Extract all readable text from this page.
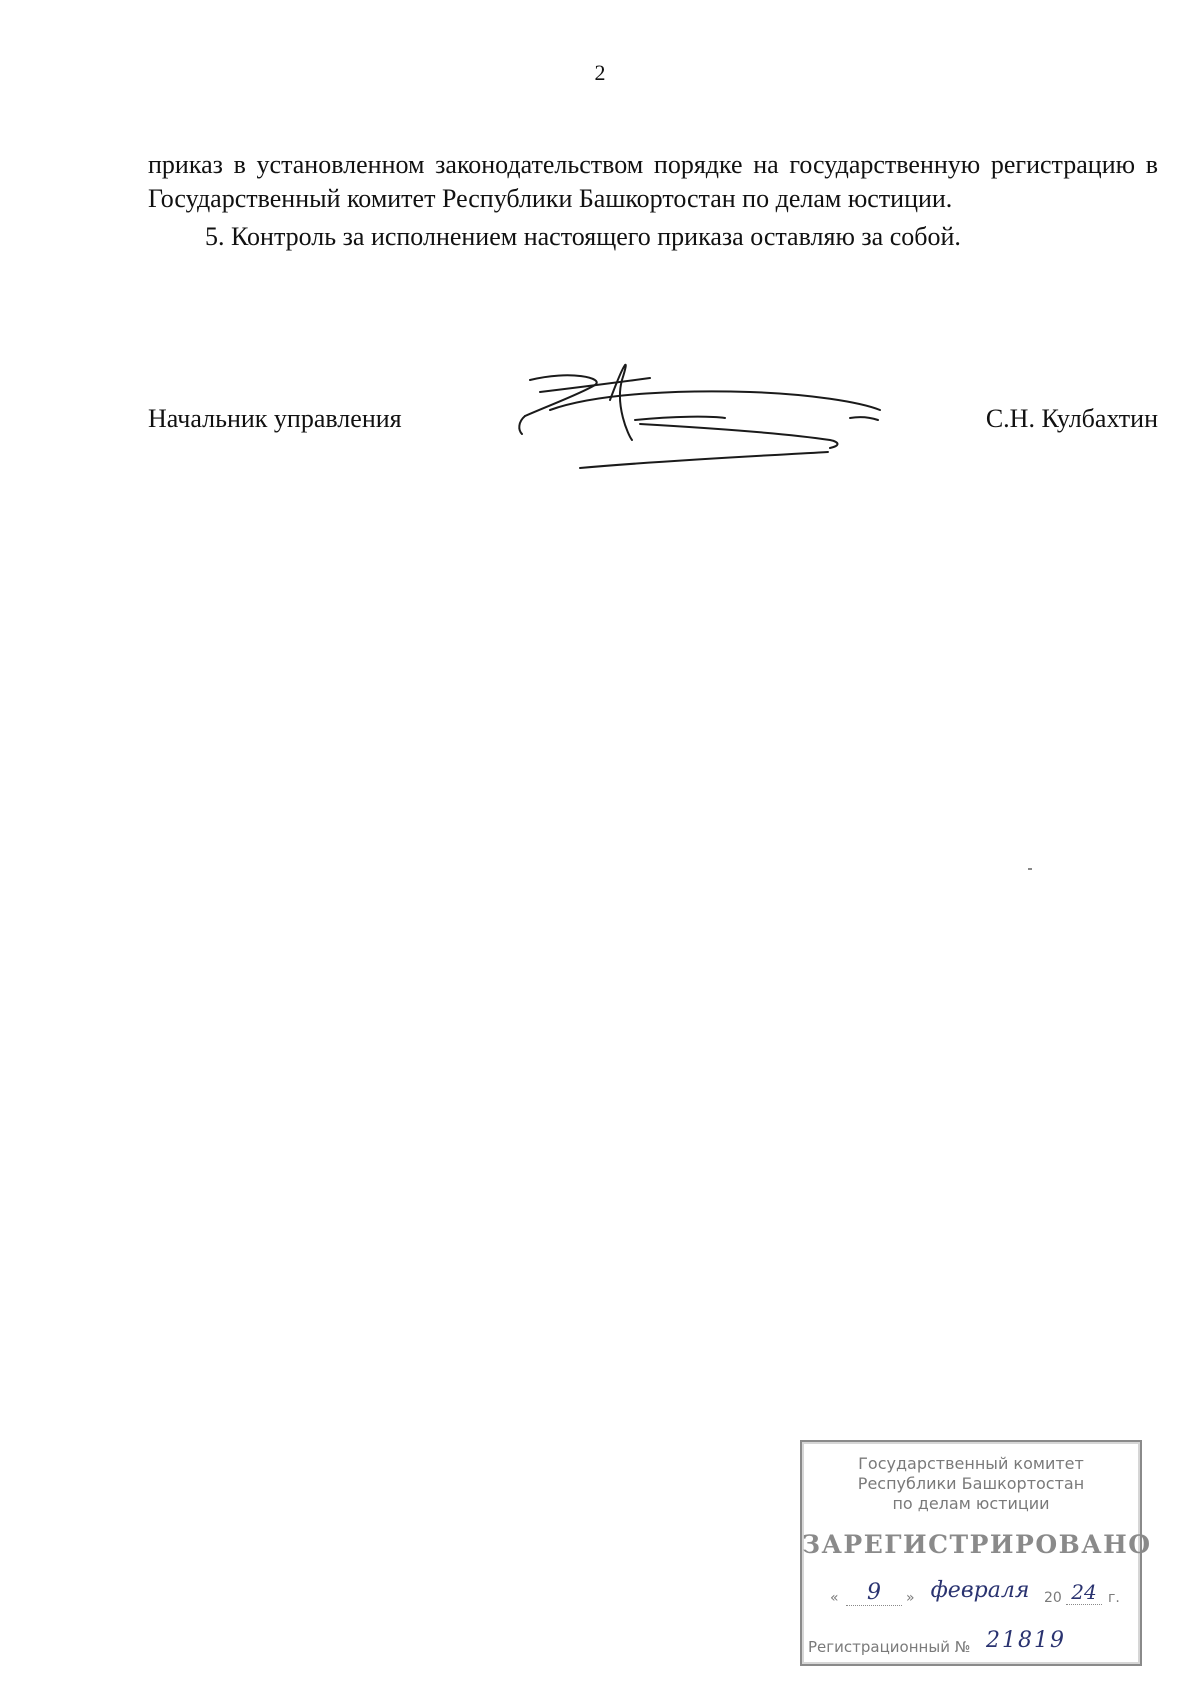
2

приказ в установленном законодательством порядке на государственную регистрацию в Государственный комитет Республики Башкортостан по делам юстиции.

5. Контроль за исполнением настоящего приказа оставляю за собой.

Начальник управления	С.Н. Кулбахтин
Государственный комитет
Республики Башкортостан
по делам юстиции
ЗАРЕГИСТРИРОВАНО
«	9	» февраля	20 24 г.
Регистрационный № 21819
